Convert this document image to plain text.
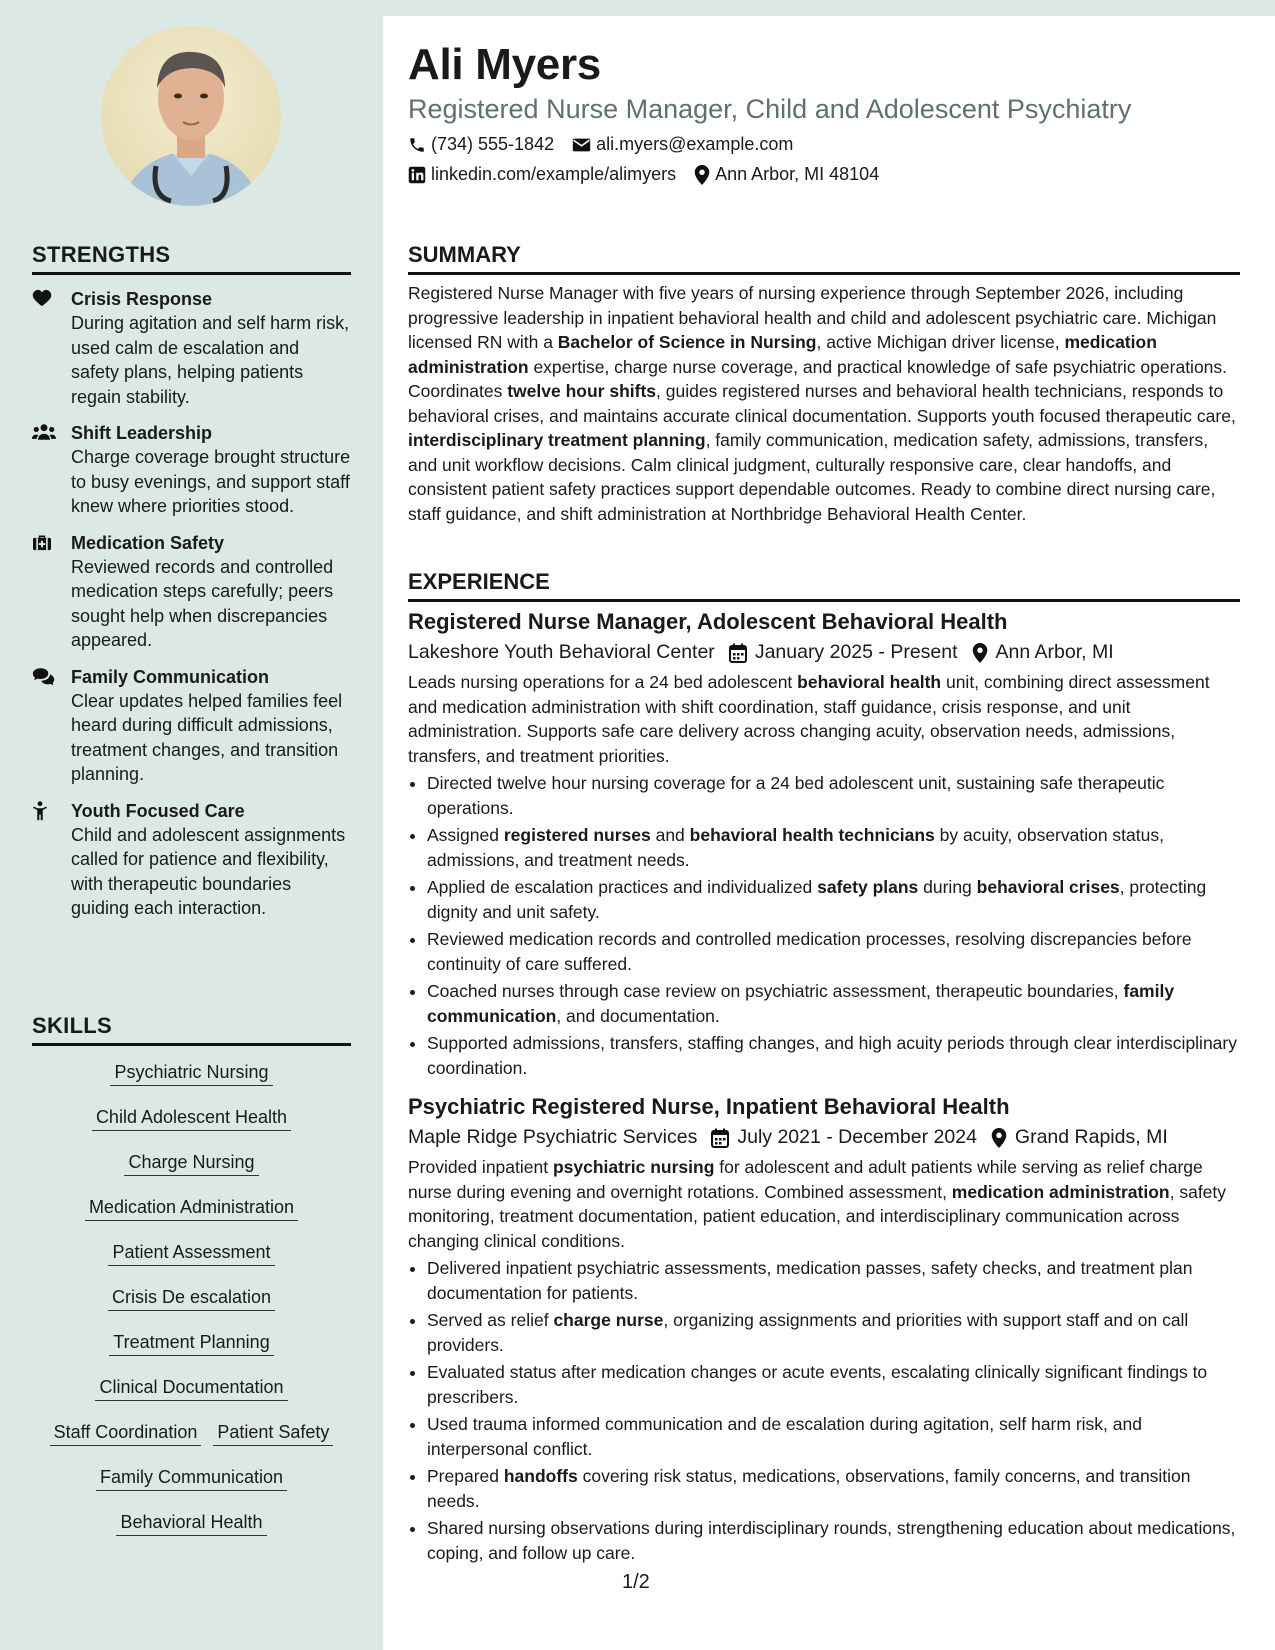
Ali Myers
Registered Nurse Manager, Child and Adolescent Psychiatry
(734) 555-1842 ali.myers@example.com
linkedin.com/example/alimyers Ann Arbor, MI 48104
STRENGTHS
Crisis Response
During agitation and self harm risk, used calm de escalation and safety plans, helping patients regain stability.
Shift Leadership
Charge coverage brought structure to busy evenings, and support staff knew where priorities stood.
Medication Safety
Reviewed records and controlled medication steps carefully; peers sought help when discrepancies appeared.
Family Communication
Clear updates helped families feel heard during difficult admissions, treatment changes, and transition planning.
Youth Focused Care
Child and adolescent assignments called for patience and flexibility, with therapeutic boundaries guiding each interaction.
SKILLS
Psychiatric Nursing
Child Adolescent Health
Charge Nursing
Medication Administration
Patient Assessment
Crisis De escalation
Treatment Planning
Clinical Documentation
Staff Coordination Patient Safety
Family Communication
Behavioral Health
SUMMARY

Registered Nurse Manager with five years of nursing experience through September 2026, including progressive leadership in inpatient behavioral health and child and adolescent psychiatric care. Michigan licensed RN with a Bachelor of Science in Nursing, active Michigan driver license, medication administration expertise, charge nurse coverage, and practical knowledge of safe psychiatric operations. Coordinates twelve hour shifts, guides registered nurses and behavioral health technicians, responds to behavioral crises, and maintains accurate clinical documentation. Supports youth focused therapeutic care, interdisciplinary treatment planning, family communication, medication safety, admissions, transfers, and unit workflow decisions. Calm clinical judgment, culturally responsive care, clear handoffs, and consistent patient safety practices support dependable outcomes. Ready to combine direct nursing care, staff guidance, and shift administration at Northbridge Behavioral Health Center.

EXPERIENCE
Registered Nurse Manager, Adolescent Behavioral Health
Lakeshore Youth Behavioral Center January 2025 - Present Ann Arbor, MI

Leads nursing operations for a 24 bed adolescent behavioral health unit, combining direct assessment and medication administration with shift coordination, staff guidance, crisis response, and unit administration. Supports safe care delivery across changing acuity, observation needs, admissions, transfers, and treatment priorities.

• Directed twelve hour nursing coverage for a 24 bed adolescent unit, sustaining safe therapeutic operations.
• Assigned registered nurses and behavioral health technicians by acuity, observation status, admissions, and treatment needs.
• Applied de escalation practices and individualized safety plans during behavioral crises, protecting dignity and unit safety.
• Reviewed medication records and controlled medication processes, resolving discrepancies before continuity of care suffered.
• Coached nurses through case review on psychiatric assessment, therapeutic boundaries, family communication, and documentation.
• Supported admissions, transfers, staffing changes, and high acuity periods through clear interdisciplinary coordination.
Psychiatric Registered Nurse, Inpatient Behavioral Health
Maple Ridge Psychiatric Services July 2021 - December 2024 Grand Rapids, MI

Provided inpatient psychiatric nursing for adolescent and adult patients while serving as relief charge nurse during evening and overnight rotations. Combined assessment, medication administration, safety monitoring, treatment documentation, patient education, and interdisciplinary communication across changing clinical conditions.

• Delivered inpatient psychiatric assessments, medication passes, safety checks, and treatment plan documentation for patients.
• Served as relief charge nurse, organizing assignments and priorities with support staff and on call providers.
• Evaluated status after medication changes or acute events, escalating clinically significant findings to prescribers.
• Used trauma informed communication and de escalation during agitation, self harm risk, and interpersonal conflict.
• Prepared handoffs covering risk status, medications, observations, family concerns, and transition needs.
• Shared nursing observations during interdisciplinary rounds, strengthening education about medications, coping, and follow up care.
1/2
